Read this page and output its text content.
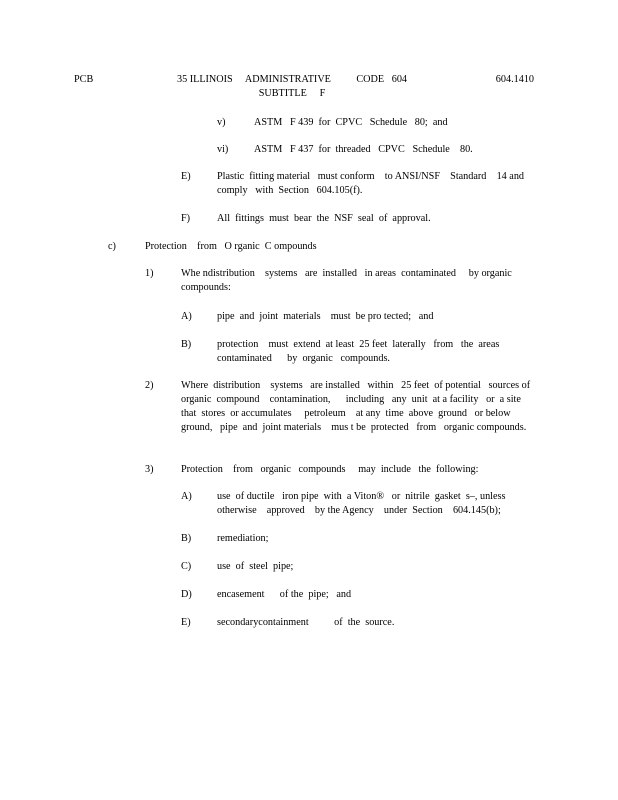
PCB	35 ILLINOIS     ADMINISTRATIVE          CODE   604
SUBTITLE     F
604.1410
v)	ASTM   F 439  for  CPVC   Schedule   80;  and
vi)	ASTM   F 437  for  threaded   CPVC   Schedule    80.
E)	Plastic  fitting material   must conform    to ANSI/NSF    Standard    14 and comply   with  Section   604.105(f).
F)	All  fittings  must  bear  the  NSF  seal  of  approval.
c)	Protection    from   O rganic  C ompounds
1)	Whe ndistribution    systems   are  installed   in areas  contaminated     by organic compounds:
A) pipe  and  joint  materials    must  be pro tected;   and
B)	protection    must  extend  at least  25 feet  laterally   from   the  areas contaminated      by  organic   compounds.
2)	Where  distribution    systems   are installed   within   25 feet  of potential   sources of organic  compound    contamination,      including   any  unit  at a facility   or  a site  that  stores  or accumulates     petroleum    at any  time  above  ground   or below   ground,   pipe  and  joint materials    mus t be  protected   from   organic compounds.
3)	Protection    from   organic   compounds     may  include   the  following:
A) use  of ductile   iron pipe  with  a Viton®   or  nitrile  gasket  s–, unless otherwise    approved    by the Agency    under  Section    604.145(b);
B)	remediation;
C)	use  of  steel  pipe;
D) encasement      of the  pipe;   and
E)	secondarycontainment          of  the  source.
